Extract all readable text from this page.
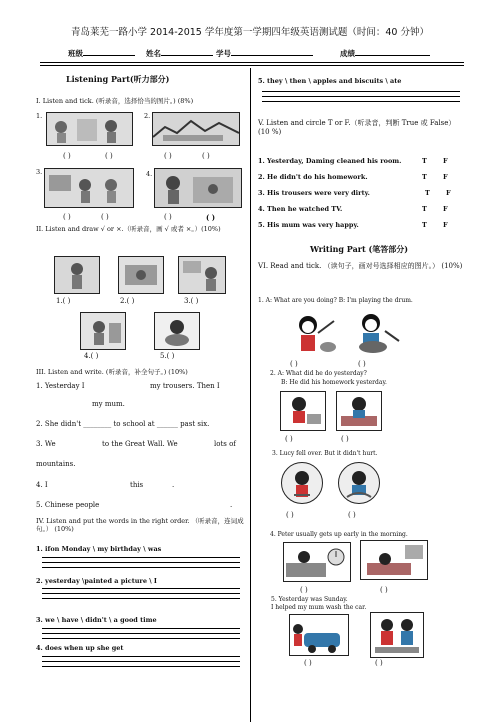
青岛莱芜一路小学 2014-2015 学年度第一学期四年级英语测试题（时间：40 分钟）
班级	姓名	学号	成绩
Listening Part(听力部分)
I. Listen and tick. (听录音，选择恰当的图片。) (8%)
1.	2.
( )	( )	( )	( )
3.	4.
( )	( )	( )	( )
II. Listen and draw √ or ×.（听录音，画 √ 或者 ×。）(10%)
1.( )	2.( )	3.( )
4.( )	5.( )
III. Listen and write. (听录音，补全句子。) (10%)
1. Yesterday I	my trousers. Then I
my mum.
2. She didn't ________ to school at ______ past six.
3. We	to the Great Wall. We	lots of
mountains.
4. I	this	.
5. Chinese people	.
IV. Listen and put the words in the right order. （听录音，连词成句。） (10%)
1. ifon Monday \ my birthday \ was
2. yesterday \painted a picture \ I
3. we \ have \ didn't \ a good time
4. does when up she get
5. they \ then \ apples and biscuits \ ate
V. Listen and circle T or F.（听录音，判断 True 或 False） (10 %)
1. Yesterday, Daming cleaned his room.	T F
2. He didn't do his homework.	T F
3. His trousers were very dirty.	T F
4. Then he watched TV.	T F
5. His mum was very happy.	T F
Writing Part (笔答部分)
VI. Read and tick. （读句子，画对号选择相应的图片。） (10%)
1. A: What are you doing? B: I'm playing the drum.
( )	( )
2. A: What did he do yesterday?
B: He did his homework yesterday.
( )	( )
3. Lucy fell over. But it didn't hurt.
( )	( )
4. Peter usually gets up early in the morning.
( )	( )
5. Yesterday was Sunday.
I helped my mum wash the car.
( )	( )
